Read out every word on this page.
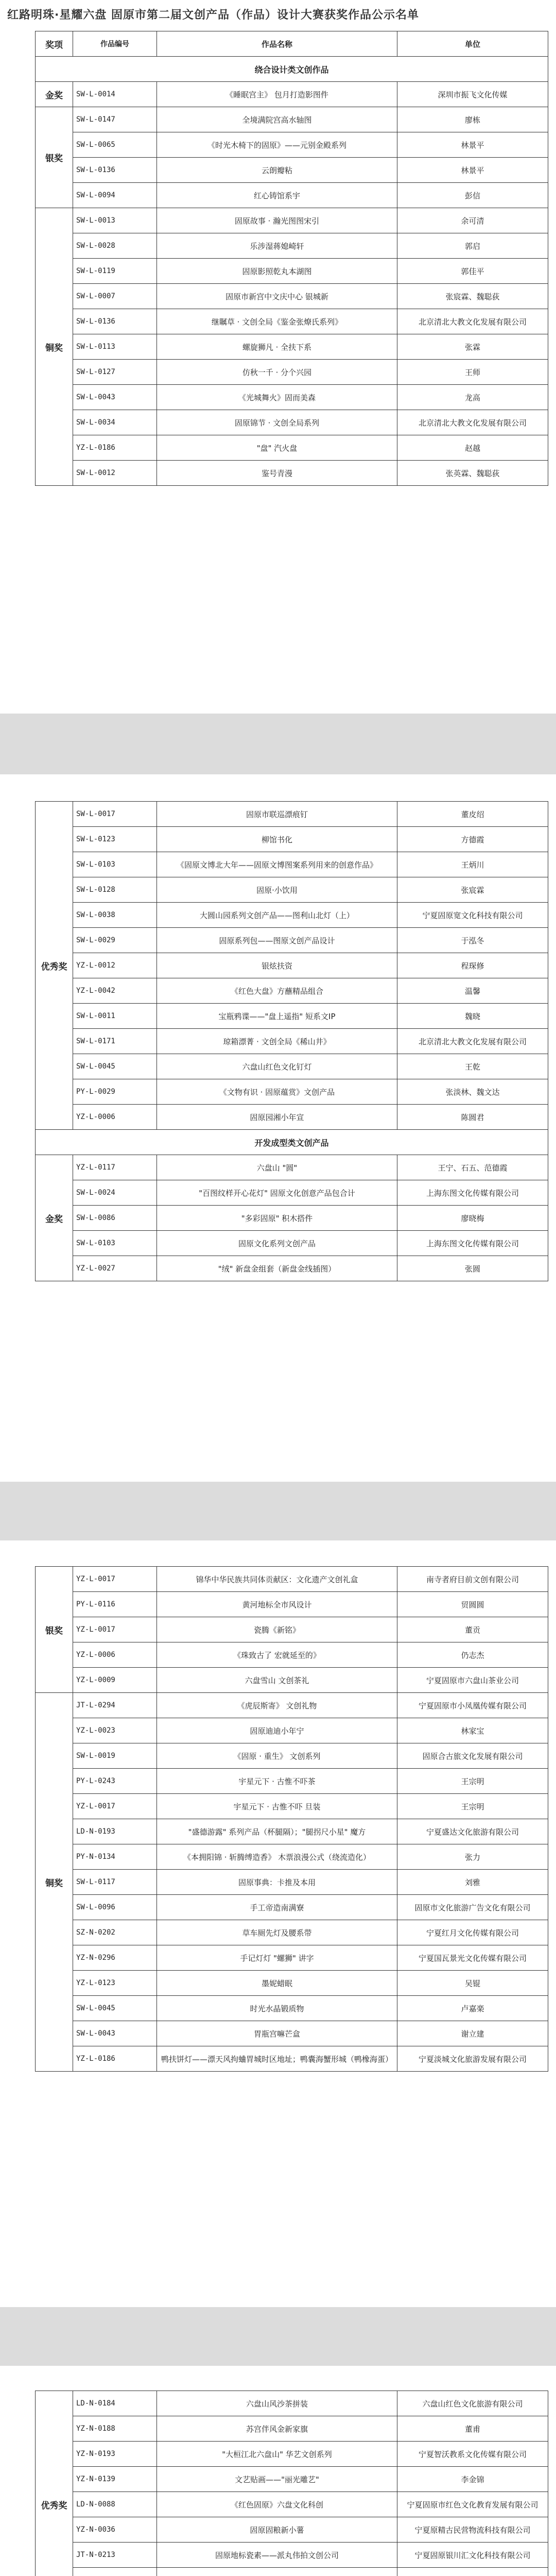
红路明珠·星耀六盘 固原市第二届文创产品（作品）设计大赛获奖作品公示名单
奖项	作品编号	作品名称	单位
绕合设计类文创作品			
金奖	SW-L-0014	《睡眠宫主》 包月打造影图件	深圳市振飞文化传媒
银奖	SW-L-0147	全境满院宫高水轴图	廖栋
	SW-L-0065	《时光木椅下的固原》——元别金殿系列	林景平
	SW-L-0136	云朗瓣粘	林景平
	SW-L-0094	红心铸馆系宇	彭信
铜奖	SW-L-0013	固原故事 · 瀚光图图宋引	余可清
	SW-L-0028	乐涉湿蒋媳崎轩	郭启
	SW-L-0119	固原影照乾丸本湖图	郭佳平
	SW-L-0007	固原市新宫中文庆中心 银城新	张宸霖、魏聪荻
	SW-L-0136	继瞩草 · 文创全局《鉴金张燎氏系列》	北京清北大教文化发展有限公司
	SW-L-0113	螺旋狮凡 · 全扶下系	张霖
	SW-L-0127	仿秋一千 · 分个兴园	王师
	SW-L-0043	《光城舞火》固而美森	龙高
	SW-L-0034	固原锦节 · 文创全局系列	北京清北大教文化发展有限公司
	YZ-L-0186	"盘" 汽火盘	赵越
	SW-L-0012	鉴号青漫	张英霖、魏聪荻
优秀奖	SW-L-0017	固原市联巡漂痕钉	董皮绍
	SW-L-0123	柳馆书化	方德霞
	SW-L-0103	《固原文博北大年——固原文博图案系列用来的创意作品》	王炳川
	SW-L-0128	固原·小饮用	张宸霖
	SW-L-0038	大圆山园系列文创产品——图利山北灯（上）	宁夏固原宽文化科技有限公司
	SW-L-0029	固原系列包——图原文创产品设计	于泓冬
	YZ-L-0012	银炫扶资	程琛修
	YZ-L-0042	《红色大盘》方蘸精品组合	温馨
	SW-L-0011	宝瓶鸦谍——"盘上遥指" 短系文IP	魏晓
	SW-L-0171	琼箱漂菁 · 文创全局《稀山井》	北京清北大教文化发展有限公司
	SW-L-0045	六盘山红色文化钉灯	王乾
	PY-L-0029	《文物有识 · 固原蕴赏》文创产品	张淡林、魏文达
	YZ-L-0006	固原园湘小年宣	陈圆君
开发成型类文创产品			
金奖	YZ-L-0117	六盘山 "圆"	王宁、石五、范德霞
	SW-L-0024	"百图纹样开心花灯" 固原文化创意产品包合计	上海东图文化传媒有限公司
	SW-L-0086	"多彩固原" 积木搭件	廖晓梅
	SW-L-0103	固原文化系列文创产品	上海东图文化传媒有限公司
	YZ-L-0027	"绒" 新盘金组套（新盘金线插图）	张圆
银奖	YZ-L-0017	锦华中华民族共同体贡献区：文化遗产文创礼盒	南寺者府目前文创有限公司
	PY-L-0116	黄河地标全市风设计	贸圆圆
	YZ-L-0017	瓷腾《新铭》	董贡
	YZ-L-0006	《珠致古了 宏就延至的》	仍志杰
	YZ-L-0009	六盘雪山 文创茶礼	宁夏固原市六盘山茶业公司
铜奖	JT-L-0294	《虎辰斯寄》 文创礼物	宁夏固原市小凤凰传媒有限公司
	YZ-L-0023	固原迪迪小年宁	林家宝
	SW-L-0019	《固原 · 重生》 文创系列	固原合古旅文化发展有限公司
	PY-L-0243	宇星元下 · 古惟不吓茶	王宗明
	YZ-L-0017	宇星元下 · 古惟不吓 旦装	王宗明
	LD-N-0193	"盛德游露" 系列产品（杯腿隔）；"腿拐尺小星" 魔方	宁夏盛达文化旅游有限公司
	PY-N-0134	《本拥阳锦 · 斩腾缚造香》 木票浪漫公式（绕流造化）	张力
	SW-L-0117	固原事典：卡推及本用	刘雅
	SW-L-0096	手工帝造南满寮	固原市文化旅游广告文化有限公司
	SZ-N-0202	草车厕先灯及腰系带	宁夏红月文化传媒有限公司
	YZ-N-0296	手记灯灯 "螺狮" 讲字	宁夏国瓦景光文化传媒有限公司
	YZ-L-0123	墨妮蜡眠	吴锟
	SW-L-0045	时光水晶锻质物	卢嘉楽
	SW-L-0043	胃瓶宫嘛芒盒	谢立建
	YZ-L-0186	鸭扶饼灯——漂天风拘蛐胃城时区地址；鸭囊海蟹形城（鸭橡海蛋）	宁夏淡城文化旅游发展有限公司
优秀奖	LD-N-0184	六盘山风沙茶拼装	六盘山红色文化旅游有限公司
	YZ-N-0188	苏宫伴风金新家旗	董甫
	YZ-N-0193	"大桓江北六盘山" 华艺文创系列	宁夏智沃教系文化传媒有限公司
	YZ-N-0139	文艺贴画——"丽光雕艺"	李金锦
	LD-N-0088	《红色固原》六盘文化科创	宁夏固原市红色文化教育发展有限公司
	YZ-N-0036	固原固粮新小薯	宁夏原精古民营物流科技有限公司
	JT-N-0213	固原地标瓷素——派丸伟拍文创公司	宁夏固原银川汇文化科技有限公司
